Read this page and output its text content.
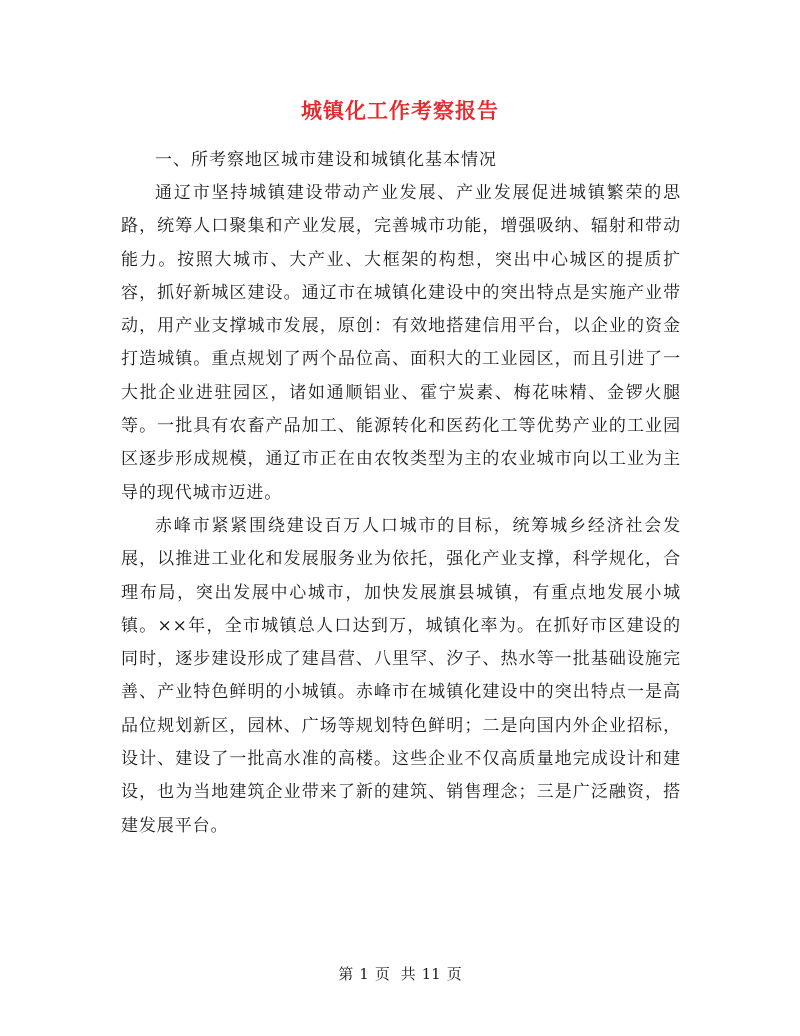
城镇化工作考察报告

一、所考察地区城市建设和城镇化基本情况

通辽市坚持城镇建设带动产业发展、产业发展促进城镇繁荣的思路，统筹人口聚集和产业发展，完善城市功能，增强吸纳、辐射和带动能力。按照大城市、大产业、大框架的构想，突出中心城区的提质扩容，抓好新城区建设。通辽市在城镇化建设中的突出特点是实施产业带动，用产业支撑城市发展，原创：有效地搭建信用平台，以企业的资金打造城镇。重点规划了两个品位高、面积大的工业园区，而且引进了一大批企业进驻园区，诸如通顺铝业、霍宁炭素、梅花味精、金锣火腿等。一批具有农畜产品加工、能源转化和医药化工等优势产业的工业园区逐步形成规模，通辽市正在由农牧类型为主的农业城市向以工业为主导的现代城市迈进。

赤峰市紧紧围绕建设百万人口城市的目标，统筹城乡经济社会发展，以推进工业化和发展服务业为依托，强化产业支撑，科学规化，合理布局，突出发展中心城市，加快发展旗县城镇，有重点地发展小城镇。××年，全市城镇总人口达到万，城镇化率为。在抓好市区建设的同时，逐步建设形成了建昌营、八里罕、汐子、热水等一批基础设施完善、产业特色鲜明的小城镇。赤峰市在城镇化建设中的突出特点一是高品位规划新区，园林、广场等规划特色鲜明；二是向国内外企业招标，设计、建设了一批高水准的高楼。这些企业不仅高质量地完成设计和建设，也为当地建筑企业带来了新的建筑、销售理念；三是广泛融资，搭建发展平台。

第 1 页 共 11 页
